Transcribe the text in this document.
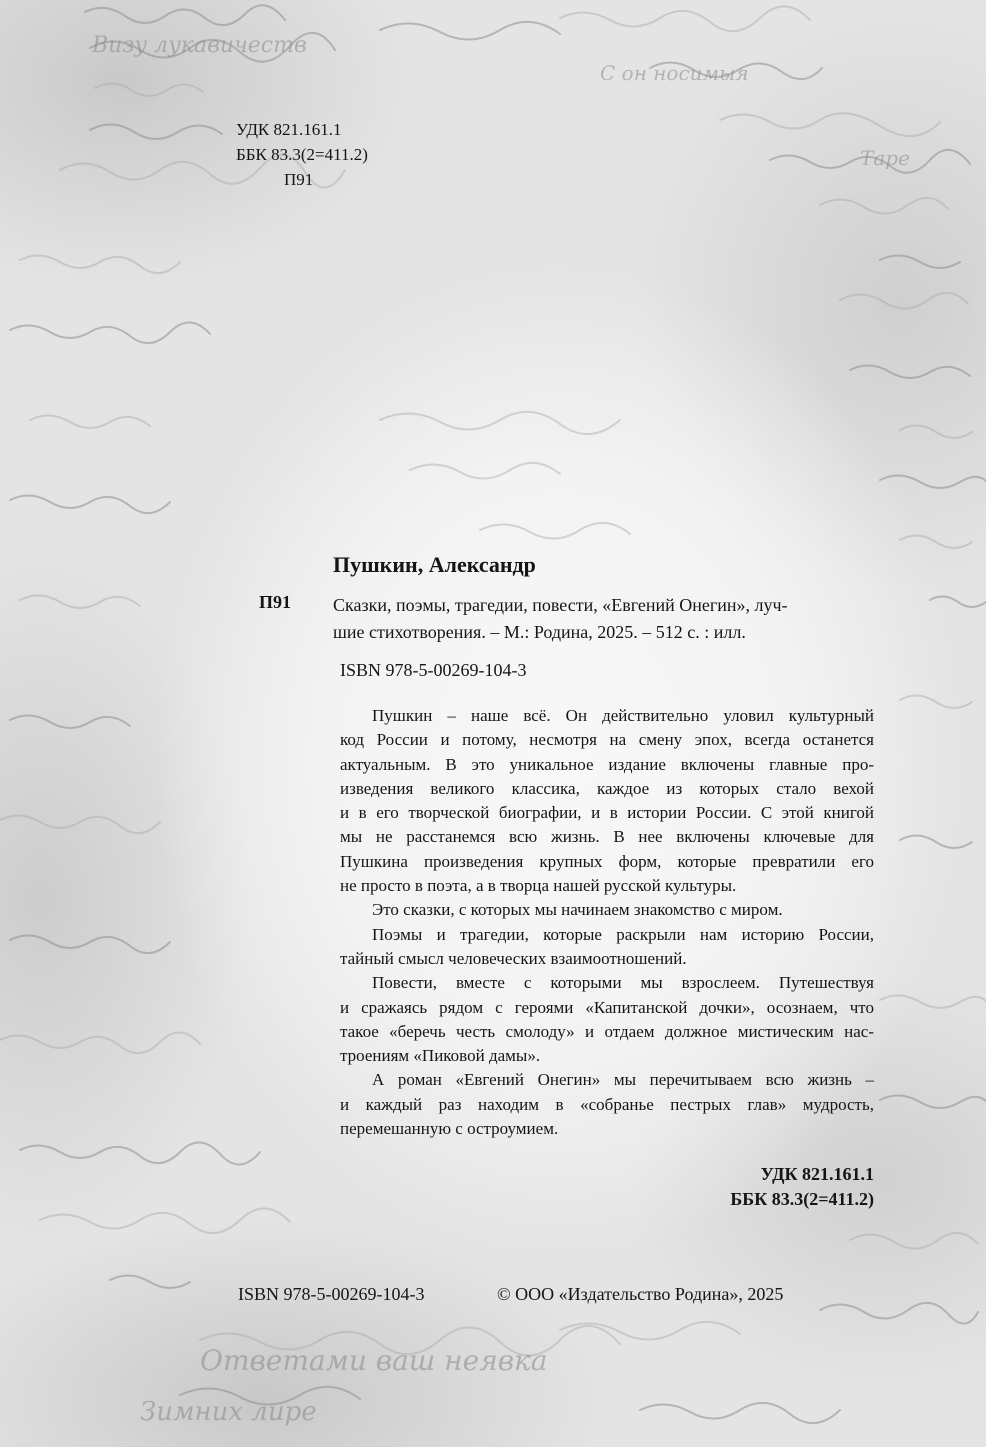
Визу лукавичеств
С он носимыя
Таре
Ответами ваш неявка
Зимних лире
УДК 821.161.1
ББК 83.3(2=411.2)
П91
Пушкин, Александр
П91 Сказки, поэмы, трагедии, повести, «Евгений Онегин», луч-
шие стихотворения. – М.: Родина, 2025. – 512 с. : илл.
ISBN 978-5-00269-104-3
Пушкин – наше всё. Он действительно уловил культурный
код России и потому, несмотря на смену эпох, всегда останется
актуальным. В это уникальное издание включены главные про-
изведения великого классика, каждое из которых стало вехой
и в его творческой биографии, и в истории России. С этой книгой
мы не расстанемся всю жизнь. В нее включены ключевые для
Пушкина произведения крупных форм, которые превратили его
не просто в поэта, а в творца нашей русской культуры.
Это сказки, с которых мы начинаем знакомство с миром.
Поэмы и трагедии, которые раскрыли нам историю России,
тайный смысл человеческих взаимоотношений.
Повести, вместе с которыми мы взрослеем. Путешествуя
и сражаясь рядом с героями «Капитанской дочки», осознаем, что
такое «беречь честь смолоду» и отдаем должное мистическим нас-
троениям «Пиковой дамы».
А роман «Евгений Онегин» мы перечитываем всю жизнь –
и каждый раз находим в «собранье пестрых глав» мудрость,
перемешанную с остроумием.
УДК 821.161.1
ББК 83.3(2=411.2)
ISBN 978-5-00269-104-3	© ООО «Издательство Родина», 2025
